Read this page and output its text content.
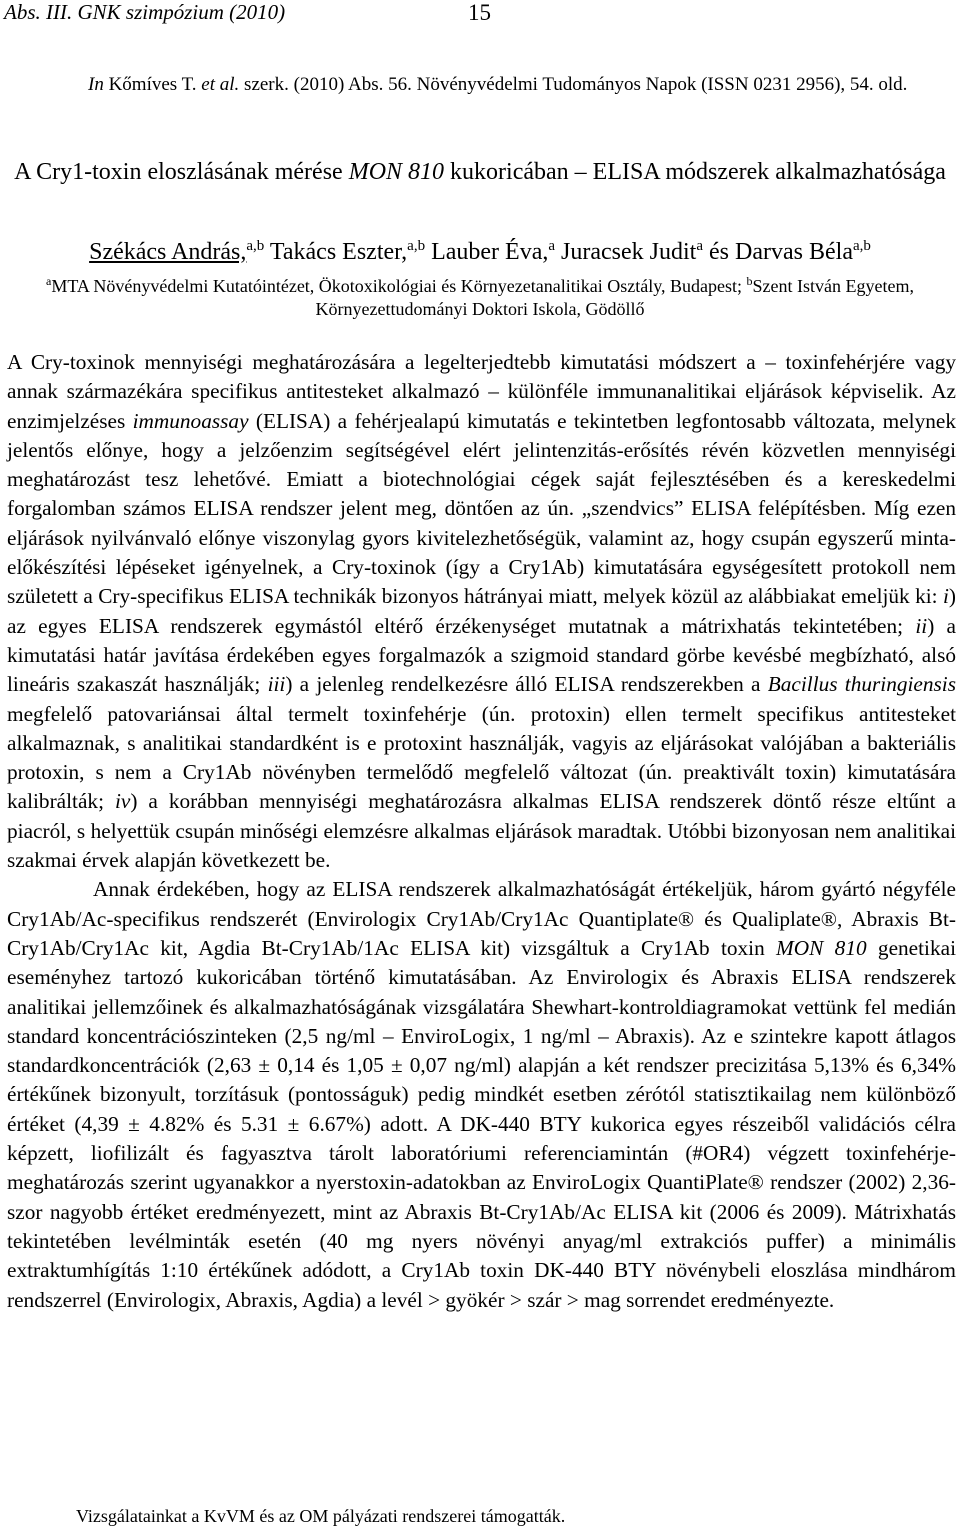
Abs. III. GNK szimpózium (2010)	15
In Kőmíves T. et al. szerk. (2010) Abs. 56. Növényvédelmi Tudományos Napok (ISSN 0231 2956), 54. old.
A Cry1-toxin eloszlásának mérése MON 810 kukoricában – ELISA módszerek alkalmazhatósága
Székács András,$^{a,b}$ Takács Eszter,$^{a,b}$ Lauber Éva,$^a$ Juracsek Judit$^a$ és Darvas Béla$^{a,b}$
$^a$MTA Növényvédelmi Kutatóintézet, Ökotoxikológiai és Környezetanalitikai Osztály, Budapest; $^b$Szent István Egyetem, Környezettudományi Doktori Iskola, Gödöllő

A Cry-toxinok mennyiségi meghatározására a legelterjedtebb kimutatási módszert a – toxinfehérjére vagy annak származékára specifikus antitesteket alkalmazó – különféle immunanalitikai eljárások képviselik. Az enzimjelzéses immunoassay (ELISA) a fehérjealapú kimutatás e tekintetben legfontosabb változata, melynek jelentős előnye, hogy a jelzőenzim segítségével elért jelintenzitás-erősítés révén közvetlen mennyiségi meghatározást tesz lehetővé. Emiatt a biotechnológiai cégek saját fejlesztésében és a kereskedelmi forgalomban számos ELISA rendszer jelent meg, döntően az ún. „szendvics” ELISA felépítésben. Míg ezen eljárások nyilvánvaló előnye viszonylag gyors kivitelezhetőségük, valamint az, hogy csupán egyszerű minta-előkészítési lépéseket igényelnek, a Cry-toxinok (így a Cry1Ab) kimutatására egységesített protokoll nem született a Cry-specifikus ELISA technikák bizonyos hátrányai miatt, melyek közül az alábbiakat emeljük ki: i) az egyes ELISA rendszerek egymástól eltérő érzékenységet mutatnak a mátrixhatás tekintetében; ii) a kimutatási határ javítása érdekében egyes forgalmazók a szigmoid standard görbe kevésbé megbízható, alsó lineáris szakaszát használják; iii) a jelenleg rendelkezésre álló ELISA rendszerekben a Bacillus thuringiensis megfelelő patovariánsai által termelt toxinfehérje (ún. protoxin) ellen termelt specifikus antitesteket alkalmaznak, s analitikai standardként is e protoxint használják, vagyis az eljárásokat valójában a bakteriális protoxin, s nem a Cry1Ab növényben termelődő megfelelő változat (ún. preaktivált toxin) kimutatására kalibrálták; iv) a korábban mennyiségi meghatározásra alkalmas ELISA rendszerek döntő része eltűnt a piacról, s helyettük csupán minőségi elemzésre alkalmas eljárások maradtak. Utóbbi bizonyosan nem analitikai szakmai érvek alapján következett be.

Annak érdekében, hogy az ELISA rendszerek alkalmazhatóságát értékeljük, három gyártó négyféle Cry1Ab/Ac-specifikus rendszerét (Envirologix Cry1Ab/Cry1Ac Quantiplate® és Qualiplate®, Abraxis Bt-Cry1Ab/Cry1Ac kit, Agdia Bt-Cry1Ab/1Ac ELISA kit) vizsgáltuk a Cry1Ab toxin MON 810 genetikai eseményhez tartozó kukoricában történő kimutatásában. Az Envirologix és Abraxis ELISA rendszerek analitikai jellemzőinek és alkalmazhatóságának vizsgálatára Shewhart-kontroldiagramokat vettünk fel medián standard koncentrációszinteken (2,5 ng/ml – EnviroLogix, 1 ng/ml – Abraxis). Az e szintekre kapott átlagos standardkoncentrációk (2,63 ± 0,14 és 1,05 ± 0,07 ng/ml) alapján a két rendszer precizitása 5,13% és 6,34% értékűnek bizonyult, torzításuk (pontosságuk) pedig mindkét esetben zérótól statisztikailag nem különböző értéket (4,39 ± 4.82% és 5.31 ± 6.67%) adott. A DK-440 BTY kukorica egyes részeiből validációs célra képzett, liofilizált és fagyasztva tárolt laboratóriumi referenciamintán (#OR4) végzett toxinfehérje-meghatározás szerint ugyanakkor a nyerstoxin-adatokban az EnviroLogix QuantiPlate® rendszer (2002) 2,36-szor nagyobb értéket eredményezett, mint az Abraxis Bt-Cry1Ab/Ac ELISA kit (2006 és 2009). Mátrixhatás tekintetében levélminták esetén (40 mg nyers növényi anyag/ml extrakciós puffer) a minimális extraktumhígítás 1:10 értékűnek adódott, a Cry1Ab toxin DK-440 BTY növénybeli eloszlása mindhárom rendszerrel (Envirologix, Abraxis, Agdia) a levél > gyökér > szár > mag sorrendet eredményezte.

Vizsgálatainkat a KvVM és az OM pályázati rendszerei támogatták.
